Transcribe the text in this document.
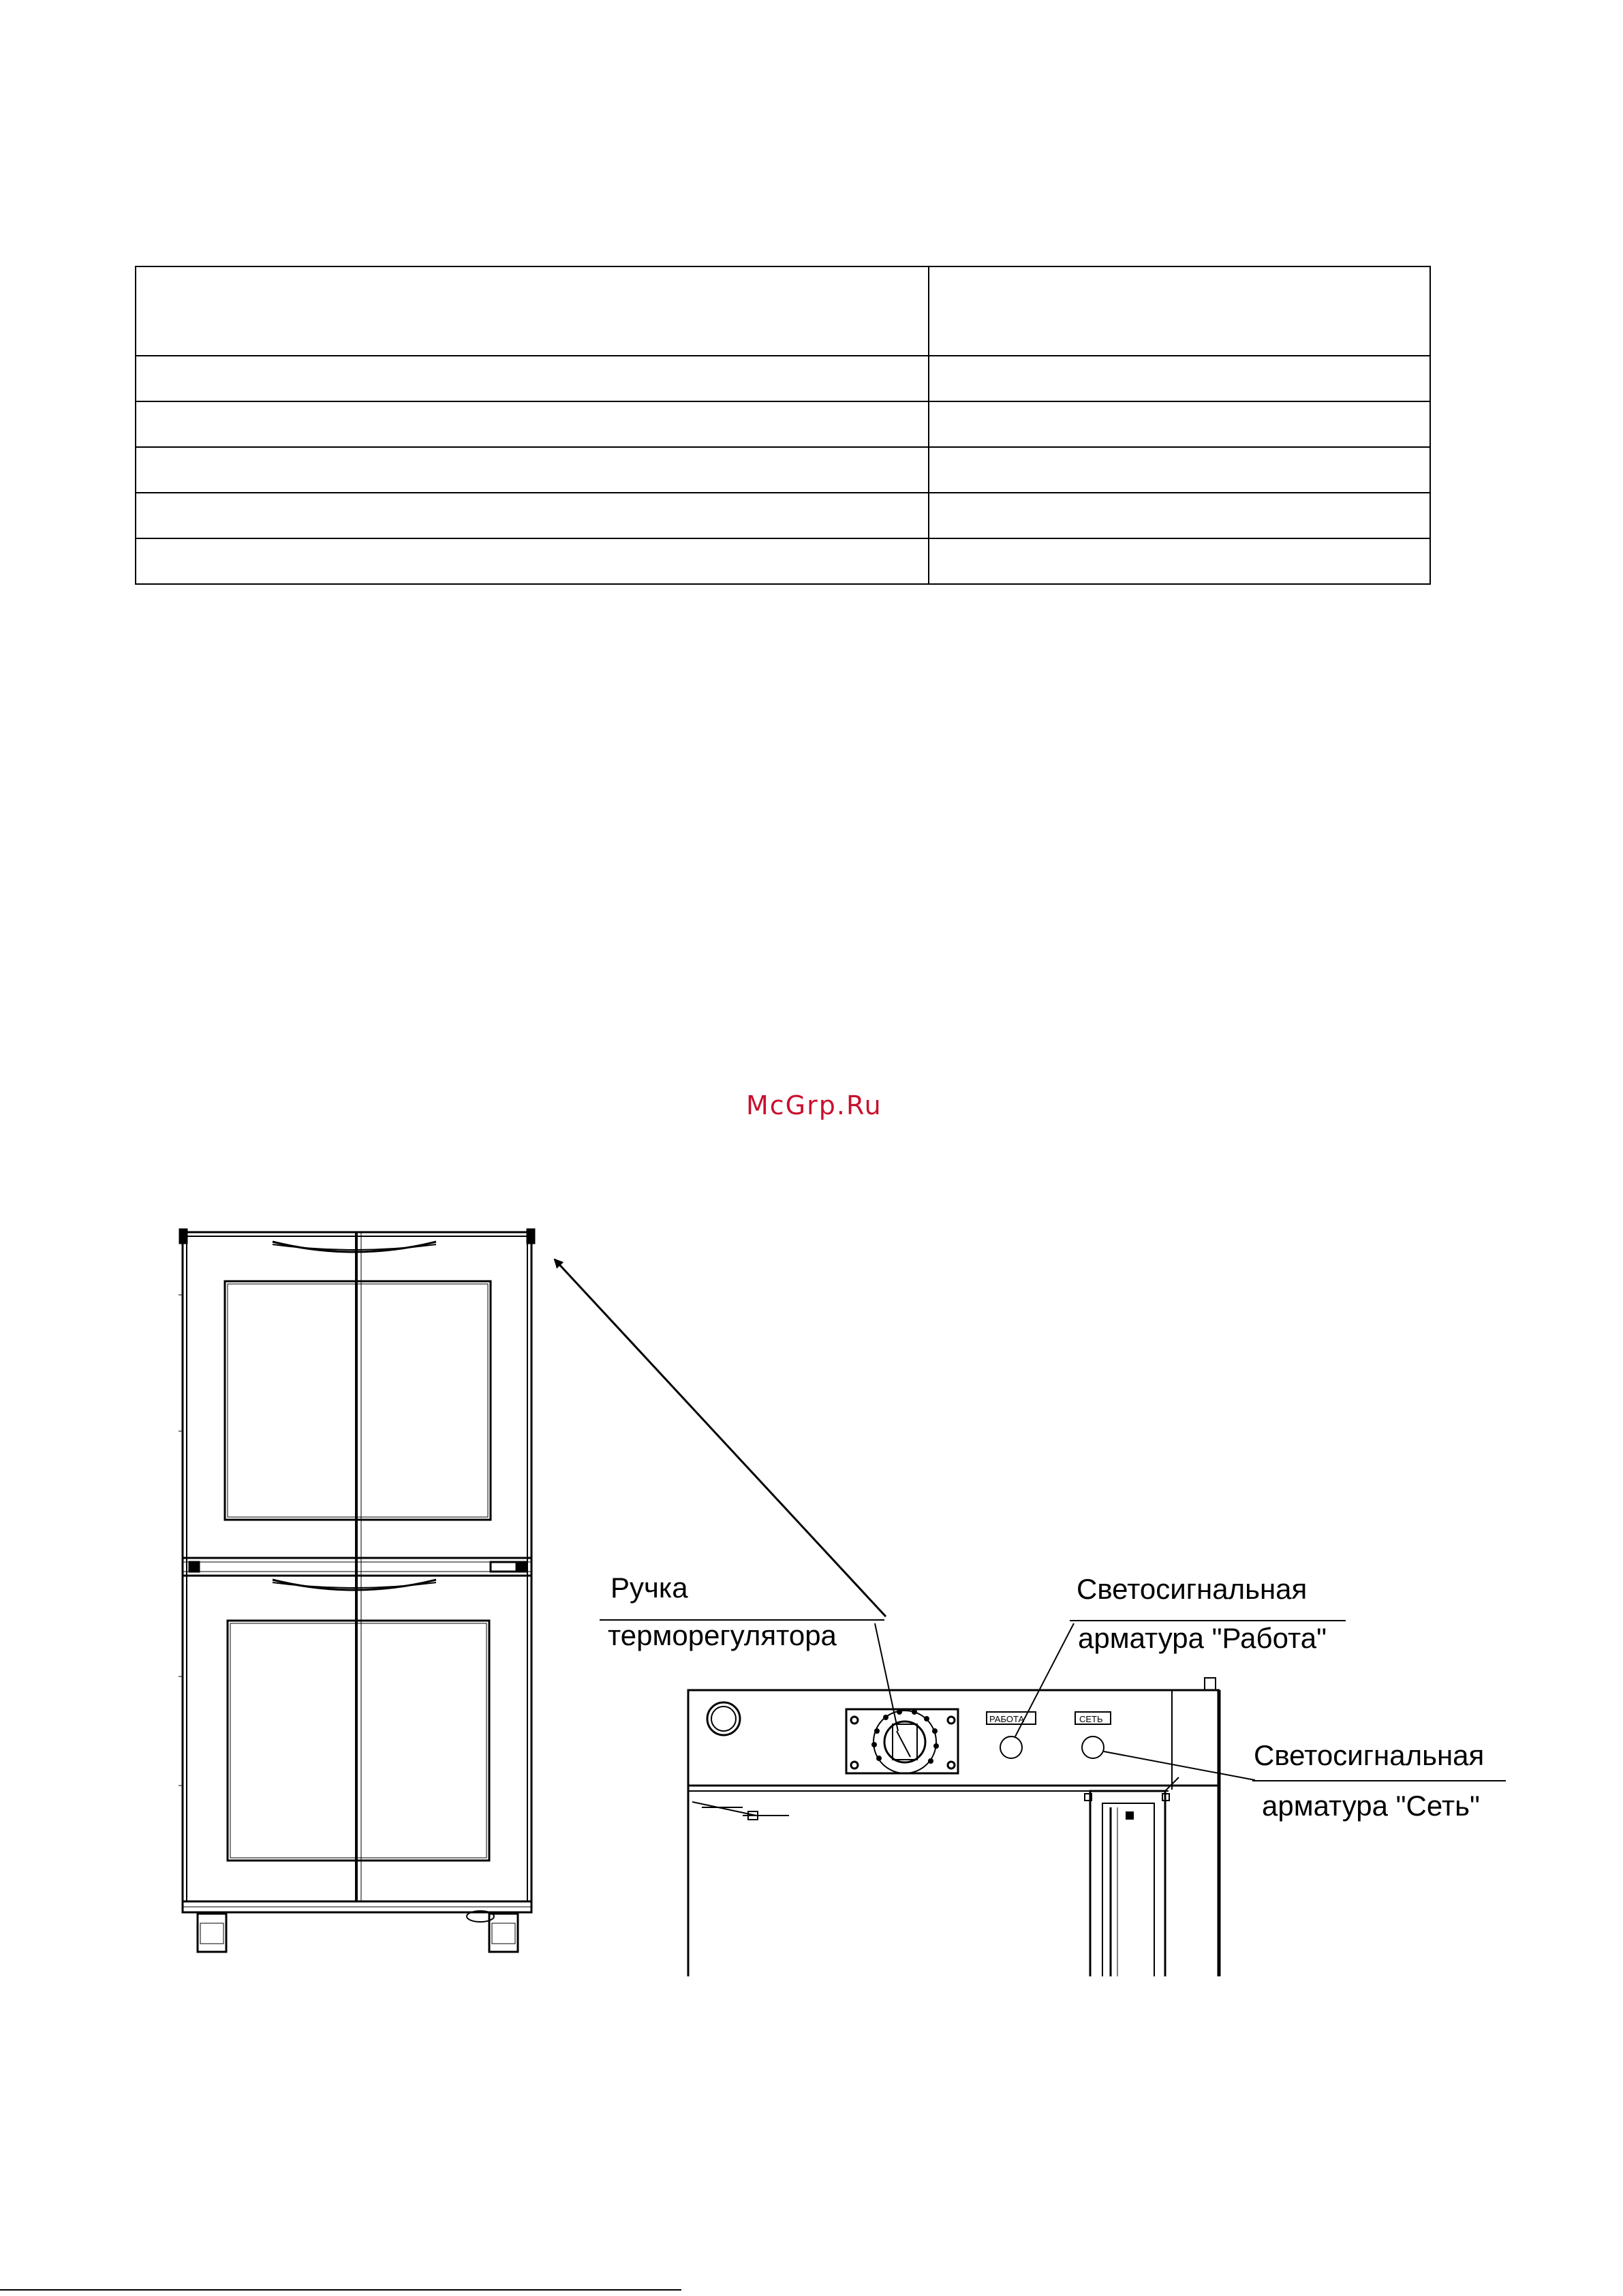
McGrp.Ru
РАБОТА	СЕТЬ
Ручка
терморегулятора
Светосигнальная
арматура "Работа"
Светосигнальная
арматура "Сеть"
